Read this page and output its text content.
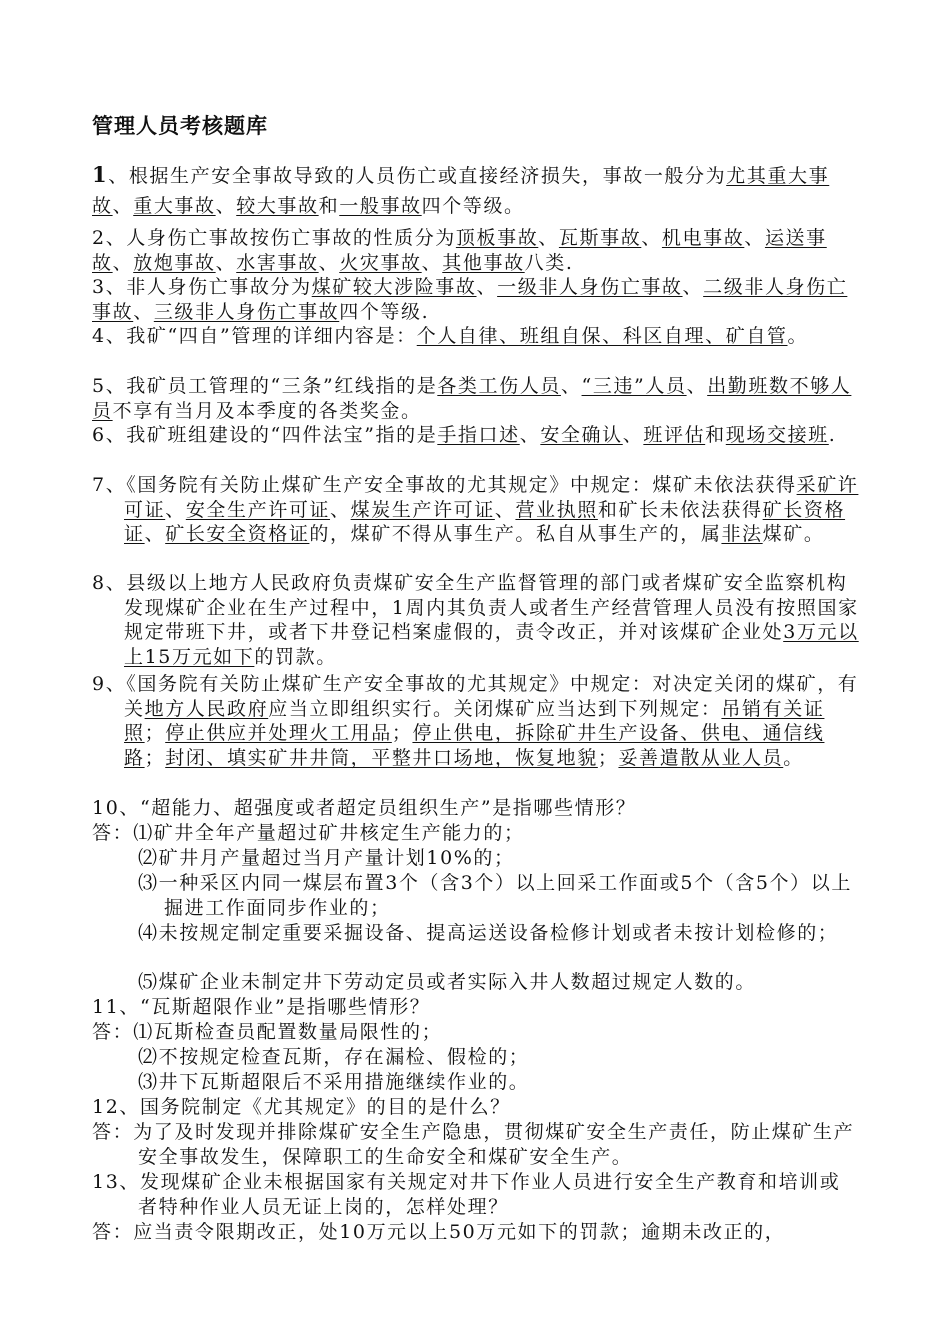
管理人员考核题库
1、根据生产安全事故导致的人员伤亡或直接经济损失，事故一般分为尤其重大事故、重大事故、较大事故和一般事故四个等级。
2、人身伤亡事故按伤亡事故的性质分为顶板事故、瓦斯事故、机电事故、运送事故、放炮事故、水害事故、火灾事故、其他事故八类.
3、非人身伤亡事故分为煤矿较大涉险事故、一级非人身伤亡事故、二级非人身伤亡事故、三级非人身伤亡事故四个等级.
4、我矿“四自”管理的详细内容是：个人自律、班组自保、科区自理、矿自管。
5、我矿员工管理的“三条”红线指的是各类工伤人员、“三违”人员、出勤班数不够人员不享有当月及本季度的各类奖金。
6、我矿班组建设的“四件法宝”指的是手指口述、安全确认、班评估和现场交接班.
7、《国务院有关防止煤矿生产安全事故的尤其规定》中规定：煤矿未依法获得采矿许可证、安全生产许可证、煤炭生产许可证、营业执照和矿长未依法获得矿长资格证、矿长安全资格证的，煤矿不得从事生产。私自从事生产的，属非法煤矿。
8、县级以上地方人民政府负责煤矿安全生产监督管理的部门或者煤矿安全监察机构发现煤矿企业在生产过程中，1周内其负责人或者生产经营管理人员没有按照国家规定带班下井，或者下井登记档案虚假的，责令改正，并对该煤矿企业处3万元以上15万元如下的罚款。
9、《国务院有关防止煤矿生产安全事故的尤其规定》中规定：对决定关闭的煤矿，有关地方人民政府应当立即组织实行。关闭煤矿应当达到下列规定：吊销有关证照；停止供应并处理火工用品；停止供电，拆除矿井生产设备、供电、通信线路；封闭、填实矿井井筒，平整井口场地，恢复地貌；妥善遣散从业人员。
10、“超能力、超强度或者超定员组织生产”是指哪些情形？
答：⑴矿井全年产量超过矿井核定生产能力的；
⑵矿井月产量超过当月产量计划10%的；
⑶一种采区内同一煤层布置3个（含3个）以上回采工作面或5个（含5个）以上掘进工作面同步作业的；
⑷未按规定制定重要采掘设备、提高运送设备检修计划或者未按计划检修的；
⑸煤矿企业未制定井下劳动定员或者实际入井人数超过规定人数的。
11、“瓦斯超限作业”是指哪些情形？
答：⑴瓦斯检查员配置数量局限性的；
⑵不按规定检查瓦斯，存在漏检、假检的；
⑶井下瓦斯超限后不采用措施继续作业的。
12、国务院制定《尤其规定》的目的是什么？
答：为了及时发现并排除煤矿安全生产隐患，贯彻煤矿安全生产责任，防止煤矿生产安全事故发生，保障职工的生命安全和煤矿安全生产。
13、发现煤矿企业未根据国家有关规定对井下作业人员进行安全生产教育和培训或者特种作业人员无证上岗的，怎样处理？
答：应当责令限期改正，处10万元以上50万元如下的罚款；逾期未改正的，
